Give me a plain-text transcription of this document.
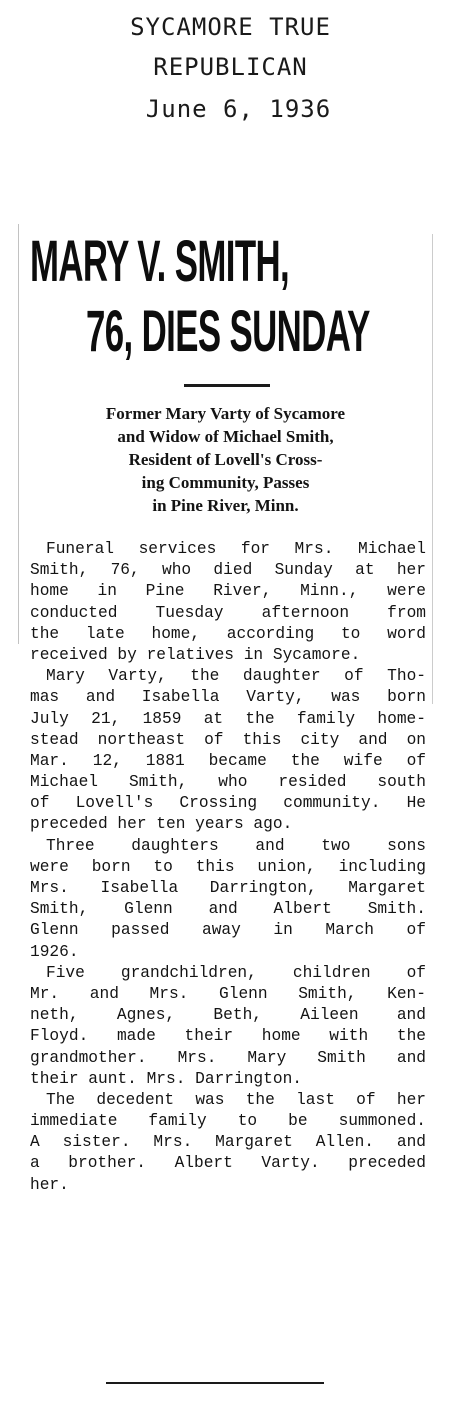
SYCAMORE TRUE
REPUBLICAN
June 6, 1936
MARY V. SMITH,
76, DIES SUNDAY
Former Mary Varty of Sycamore
and Widow of Michael Smith,
Resident of Lovell's Cross-
ing Community, Passes
in Pine River, Minn.
Funeral services for Mrs. Michael
Smith, 76, who died Sunday at her
home in Pine River, Minn., were
conducted Tuesday afternoon from
the late home, according to word
received by relatives in Sycamore.
Mary Varty, the daughter of Tho-
mas and Isabella Varty, was born
July 21, 1859 at the family home-
stead northeast of this city and on
Mar. 12, 1881 became the wife of
Michael Smith, who resided south
of Lovell's Crossing community. He
preceded her ten years ago.
Three daughters and two sons
were born to this union, including
Mrs. Isabella Darrington, Margaret
Smith, Glenn and Albert Smith.
Glenn passed away in March of
1926.
Five grandchildren, children of
Mr. and Mrs. Glenn Smith, Ken-
neth, Agnes, Beth, Aileen and
Floyd. made their home with the
grandmother. Mrs. Mary Smith and
their aunt. Mrs. Darrington.
The decedent was the last of her
immediate family to be summoned.
A sister. Mrs. Margaret Allen. and
a brother. Albert Varty. preceded
her.
